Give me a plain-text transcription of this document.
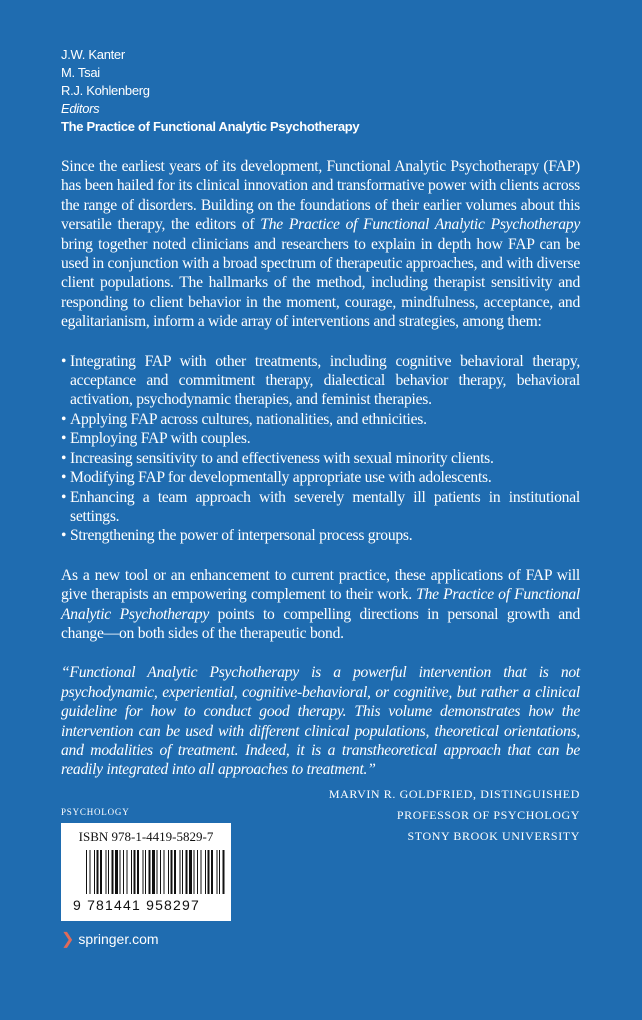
J.W. Kanter
M. Tsai
R.J. Kohlenberg
Editors
The Practice of Functional Analytic Psychotherapy
Since the earliest years of its development, Functional Analytic Psychotherapy (FAP) has been hailed for its clinical innovation and transformative power with clients across the range of disorders. Building on the foundations of their earlier volumes about this versatile therapy, the editors of The Practice of Functional Analytic Psychotherapy bring together noted clinicians and researchers to explain in depth how FAP can be used in conjunction with a broad spectrum of therapeutic approaches, and with diverse client populations. The hallmarks of the method, including therapist sensitivity and responding to client behavior in the moment, courage, mindfulness, acceptance, and egalitarianism, inform a wide array of interventions and strategies, among them:
• Integrating FAP with other treatments, including cognitive behavioral therapy, acceptance and commitment therapy, dialectical behavior therapy, behavioral activation, psychodynamic therapies, and feminist therapies.
• Applying FAP across cultures, nationalities, and ethnicities.
• Employing FAP with couples.
• Increasing sensitivity to and effectiveness with sexual minority clients.
• Modifying FAP for developmentally appropriate use with adolescents.
• Enhancing a team approach with severely mentally ill patients in institutional settings.
• Strengthening the power of interpersonal process groups.
As a new tool or an enhancement to current practice, these applications of FAP will give therapists an empowering complement to their work. The Practice of Functional Analytic Psychotherapy points to compelling directions in personal growth and change—on both sides of the therapeutic bond.
“Functional Analytic Psychotherapy is a powerful intervention that is not psychodynamic, experiential, cognitive-behavioral, or cognitive, but rather a clinical guideline for how to conduct good therapy. This volume demonstrates how the intervention can be used with different clinical populations, theoretical orientations, and modalities of treatment. Indeed, it is a transtheoretical approach that can be readily integrated into all approaches to treatment.”
PSYCHOLOGY
ISBN 978-1-4419-5829-7
9 781441 958297
❯ springer.com
MARVIN R. GOLDFRIED, DISTINGUISHED
PROFESSOR OF PSYCHOLOGY
STONY BROOK UNIVERSITY
